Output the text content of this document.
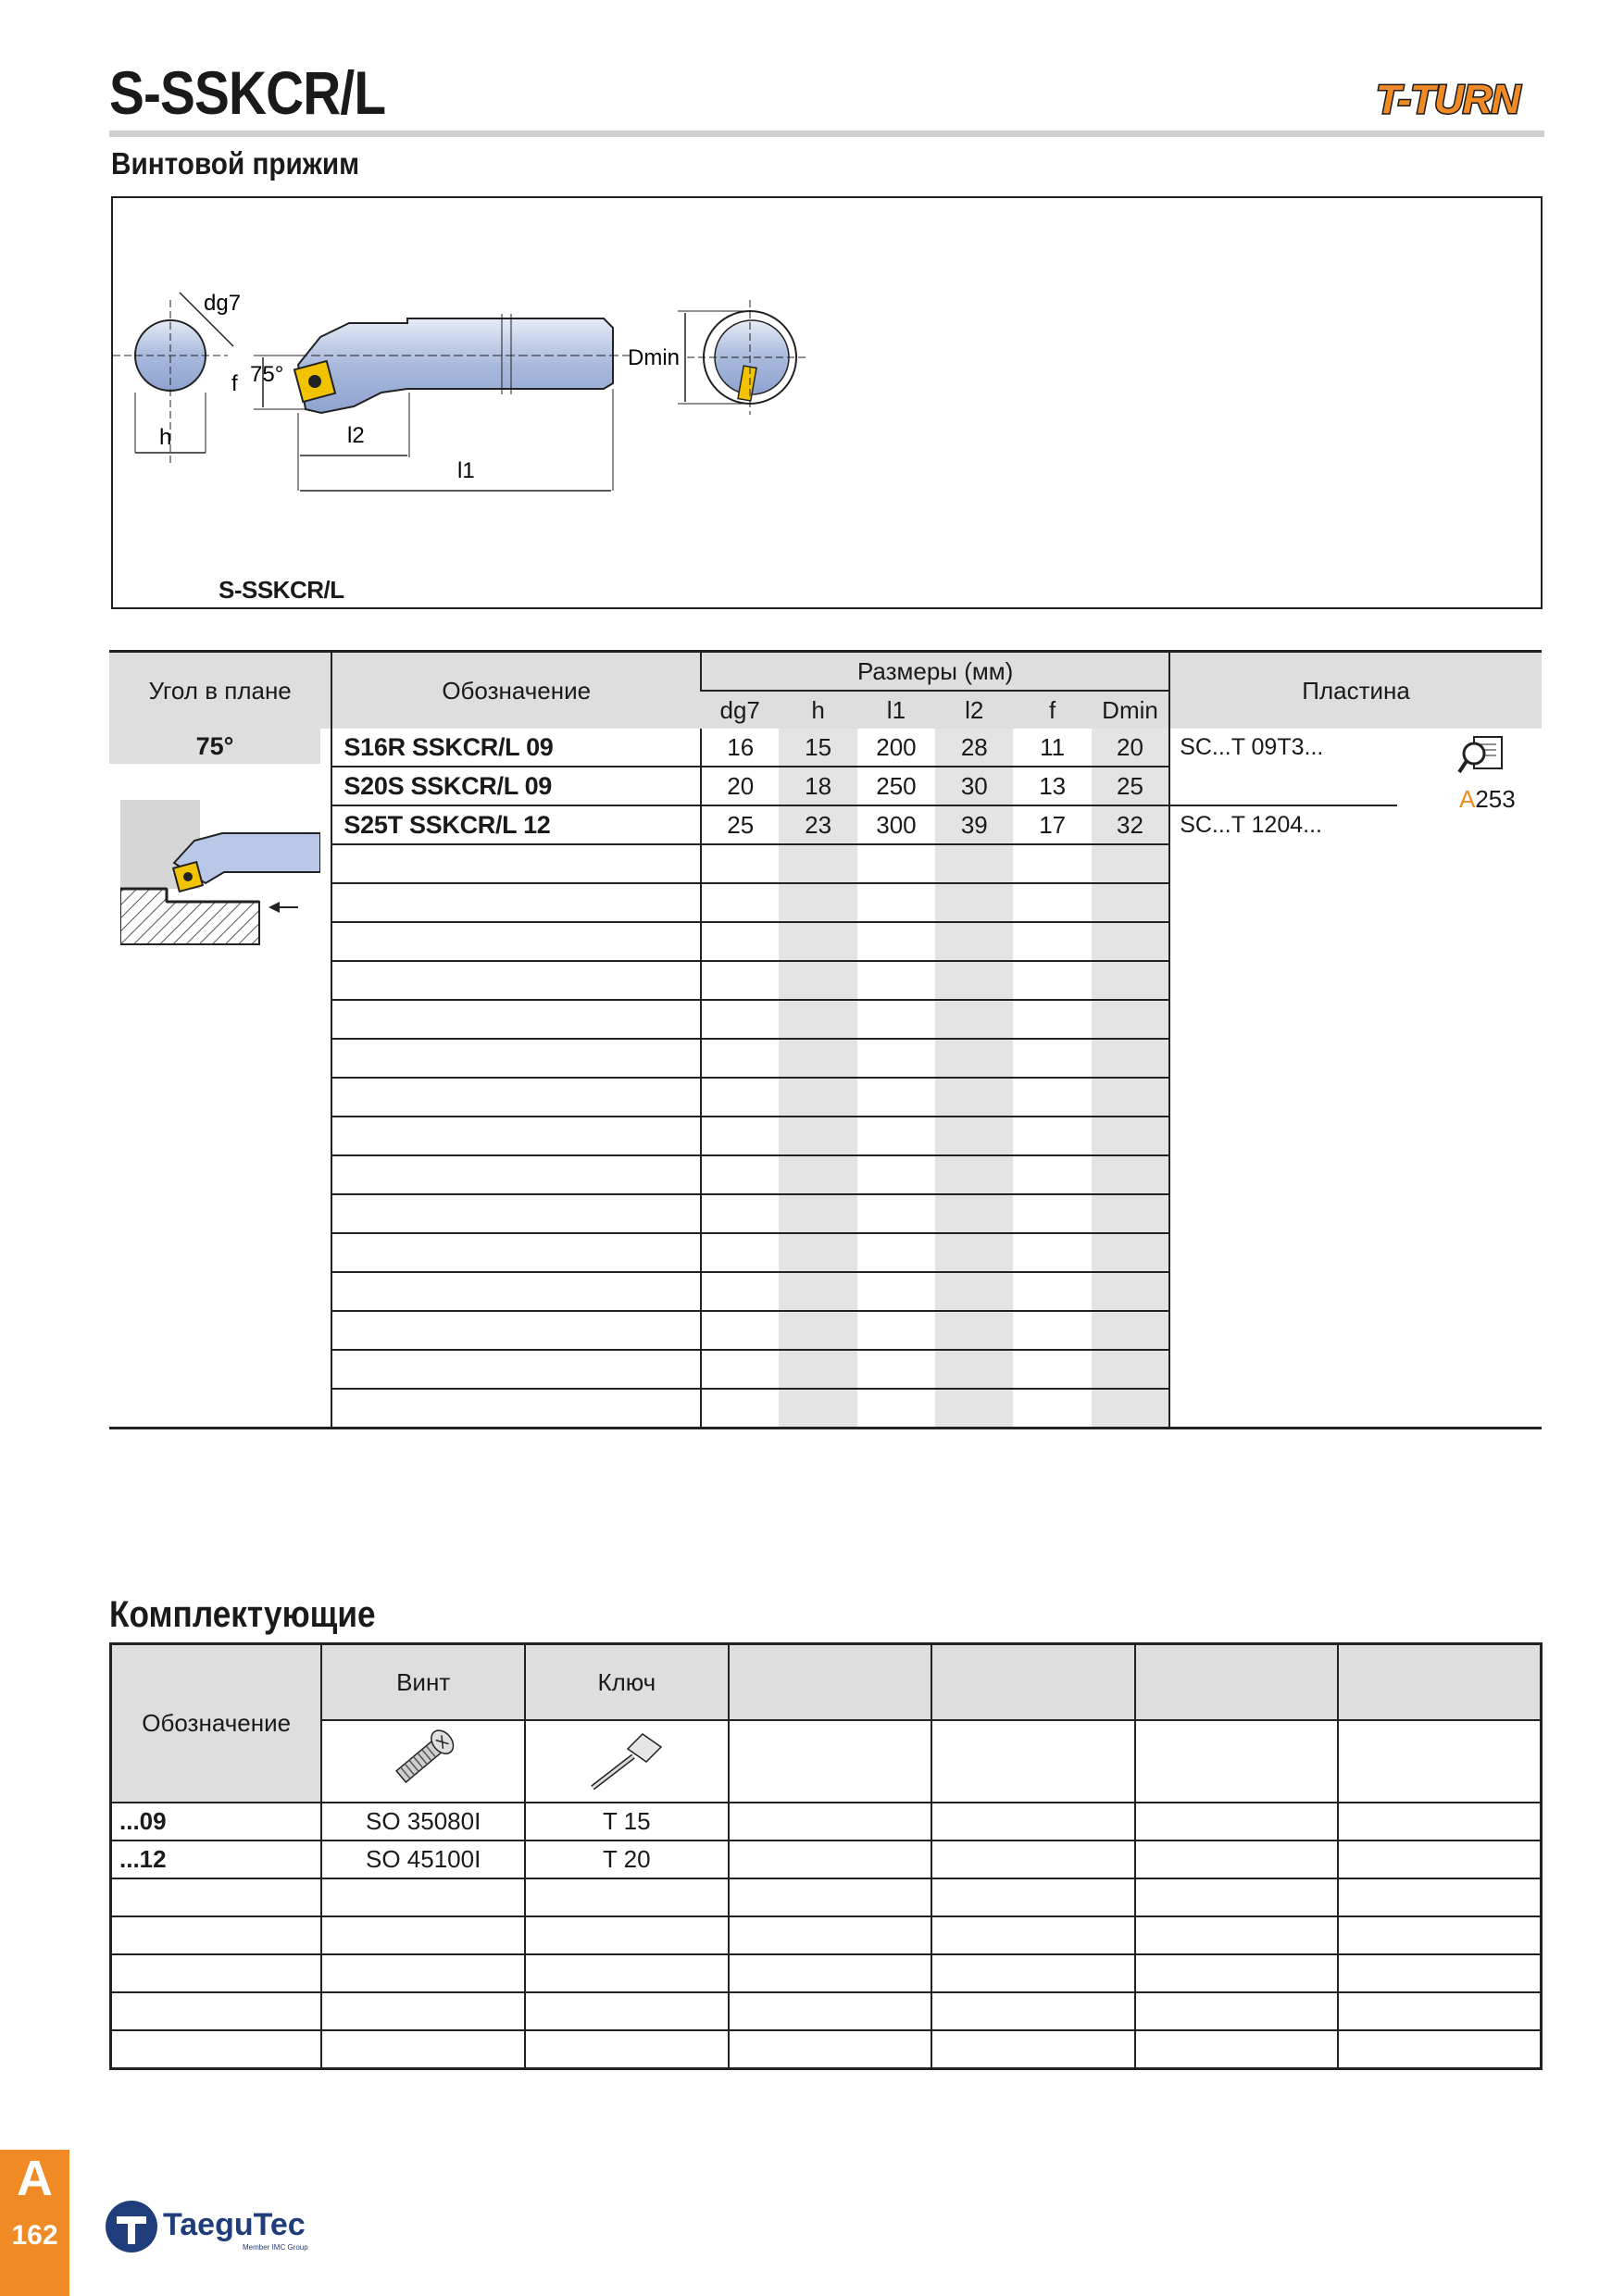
S-SSKCR/L	T-TURN
Винтовой прижим
dg7
h
f 75°
l2
l1
Dmin
S-SSKCR/L
Угол в плане	Обозначение	Размеры (мм)						Пластина
		dg7	h	l1	l2	f	Dmin	
	S16R SSKCR/L 09	16	15	200	28	11	20	SC...T 09T3...
	S20S SSKCR/L 09	20	18	250	30	13	25	

	S25T SSKCR/L 12	25	23	300	39	17	32	SC...T 1204...

75°
A253
Комплектующие
Обозначение	Винт	Ключ				

...09	SO 35080I	T 15				
...12	SO 45100I	T 20				

A
162	TaeguTec
Member IMC Group
